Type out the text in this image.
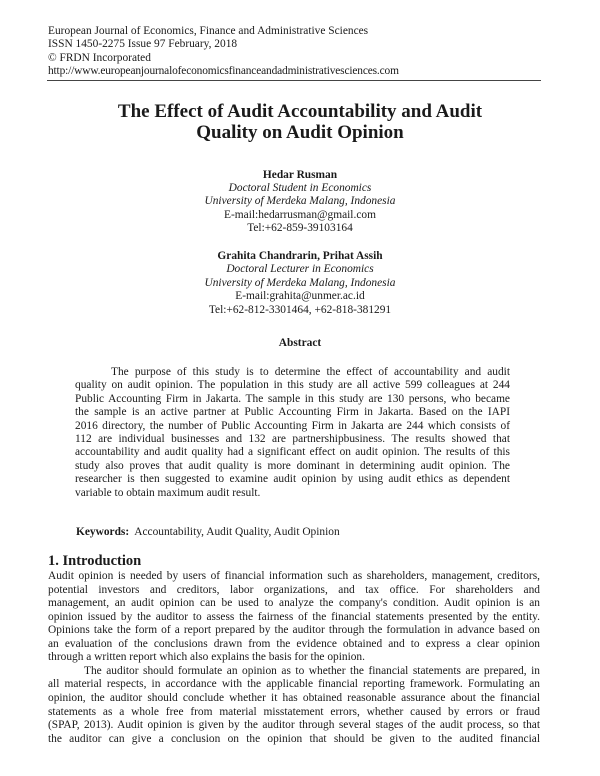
European Journal of Economics, Finance and Administrative Sciences
ISSN 1450-2275 Issue 97 February, 2018
© FRDN Incorporated
http://www.europeanjournalofeconomicsfinanceandadministrativesciences.com
The Effect of Audit Accountability and Audit
Quality on Audit Opinion
Hedar Rusman
Doctoral Student in Economics
University of Merdeka Malang, Indonesia
E-mail:hedarrusman@gmail.com
Tel:+62-859-39103164
Grahita Chandrarin, Prihat Assih
Doctoral Lecturer in Economics
University of Merdeka Malang, Indonesia
E-mail:grahita@unmer.ac.id
Tel:+62-812-3301464, +62-818-381291
Abstract
The purpose of this study is to determine the effect of accountability and audit
quality on audit opinion. The population in this study are all active 599 colleagues at 244
Public Accounting Firm in Jakarta. The sample in this study are 130 persons, who became
the sample is an active partner at Public Accounting Firm in Jakarta. Based on the IAPI
2016 directory, the number of Public Accounting Firm in Jakarta are 244 which consists of
112 are individual businesses and 132 are partnershipbusiness. The results showed that
accountability and audit quality had a significant effect on audit opinion. The results of this
study also proves that audit quality is more dominant in determining audit opinion. The
researcher is then suggested to examine audit opinion by using audit ethics as dependent
variable to obtain maximum audit result.
Keywords: Accountability, Audit Quality, Audit Opinion
1. Introduction
Audit opinion is needed by users of financial information such as shareholders, management, creditors,
potential investors and creditors, labor organizations, and tax office. For shareholders and
management, an audit opinion can be used to analyze the company's condition. Audit opinion is an
opinion issued by the auditor to assess the fairness of the financial statements presented by the entity.
Opinions take the form of a report prepared by the auditor through the formulation in advance based on
an evaluation of the conclusions drawn from the evidence obtained and to express a clear opinion
through a written report which also explains the basis for the opinion.
The auditor should formulate an opinion as to whether the financial statements are prepared, in
all material respects, in accordance with the applicable financial reporting framework. Formulating an
opinion, the auditor should conclude whether it has obtained reasonable assurance about the financial
statements as a whole free from material misstatement errors, whether caused by errors or fraud
(SPAP, 2013). Audit opinion is given by the auditor through several stages of the audit process, so that
the auditor can give a conclusion on the opinion that should be given to the audited financial
